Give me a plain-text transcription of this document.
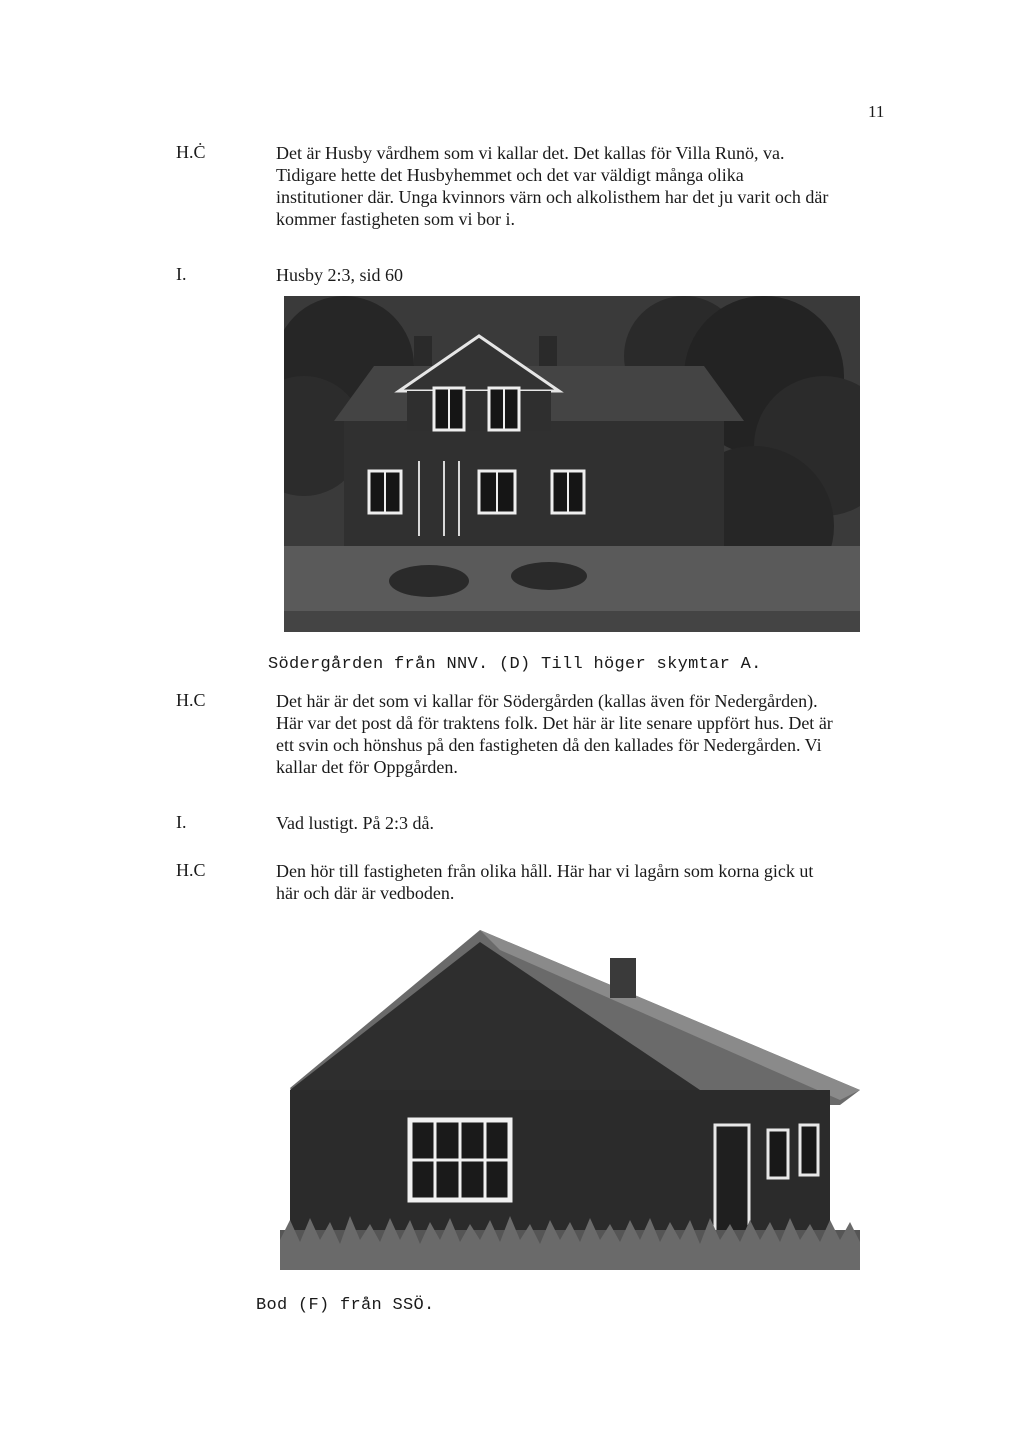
11
H.Ċ	Det är Husby vårdhem som vi kallar det. Det kallas för Villa Runö, va.
Tidigare hette det Husbyhemmet och det var väldigt många olika
institutioner där. Unga kvinnors värn och alkolisthem har det ju varit och där
kommer fastigheten som vi bor i.
I.	Husby 2:3, sid 60
Södergården från NNV. (D) Till höger skymtar A.
H.C	Det här är det som vi kallar för Södergården (kallas även för Nedergården).
Här var det post då för traktens folk. Det här är lite senare uppfört hus. Det är
ett svin och hönshus på den fastigheten då den kallades för Nedergården. Vi
kallar det för Oppgården.
I.	Vad lustigt. På 2:3 då.
H.C	Den hör till fastigheten från olika håll. Här har vi lagårn som korna gick ut
här och där är vedboden.
Bod (F) från SSÖ.
